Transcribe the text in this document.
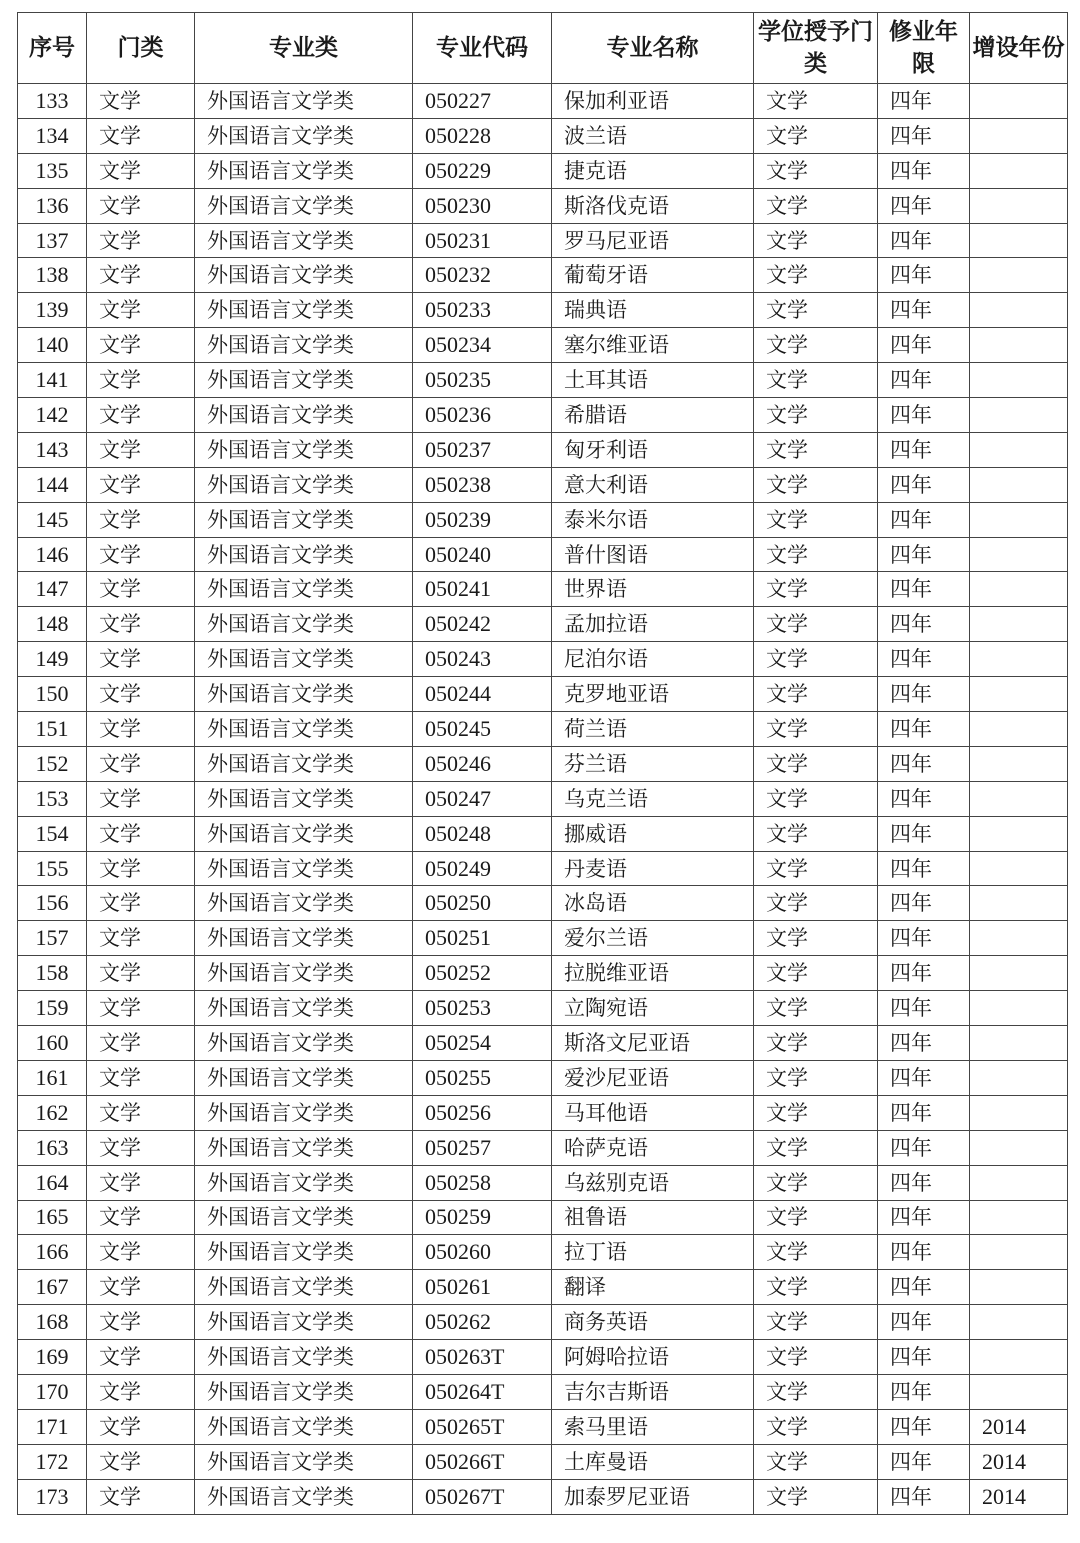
序号	门类	专业类	专业代码	专业名称	学位授予门类	修业年限	增设年份
133	文学	外国语言文学类	050227	保加利亚语	文学	四年	
134	文学	外国语言文学类	050228	波兰语	文学	四年	
135	文学	外国语言文学类	050229	捷克语	文学	四年	
136	文学	外国语言文学类	050230	斯洛伐克语	文学	四年	
137	文学	外国语言文学类	050231	罗马尼亚语	文学	四年	
138	文学	外国语言文学类	050232	葡萄牙语	文学	四年	
139	文学	外国语言文学类	050233	瑞典语	文学	四年	
140	文学	外国语言文学类	050234	塞尔维亚语	文学	四年	
141	文学	外国语言文学类	050235	土耳其语	文学	四年	
142	文学	外国语言文学类	050236	希腊语	文学	四年	
143	文学	外国语言文学类	050237	匈牙利语	文学	四年	
144	文学	外国语言文学类	050238	意大利语	文学	四年	
145	文学	外国语言文学类	050239	泰米尔语	文学	四年	
146	文学	外国语言文学类	050240	普什图语	文学	四年	
147	文学	外国语言文学类	050241	世界语	文学	四年	
148	文学	外国语言文学类	050242	孟加拉语	文学	四年	
149	文学	外国语言文学类	050243	尼泊尔语	文学	四年	
150	文学	外国语言文学类	050244	克罗地亚语	文学	四年	
151	文学	外国语言文学类	050245	荷兰语	文学	四年	
152	文学	外国语言文学类	050246	芬兰语	文学	四年	
153	文学	外国语言文学类	050247	乌克兰语	文学	四年	
154	文学	外国语言文学类	050248	挪威语	文学	四年	
155	文学	外国语言文学类	050249	丹麦语	文学	四年	
156	文学	外国语言文学类	050250	冰岛语	文学	四年	
157	文学	外国语言文学类	050251	爱尔兰语	文学	四年	
158	文学	外国语言文学类	050252	拉脱维亚语	文学	四年	
159	文学	外国语言文学类	050253	立陶宛语	文学	四年	
160	文学	外国语言文学类	050254	斯洛文尼亚语	文学	四年	
161	文学	外国语言文学类	050255	爱沙尼亚语	文学	四年	
162	文学	外国语言文学类	050256	马耳他语	文学	四年	
163	文学	外国语言文学类	050257	哈萨克语	文学	四年	
164	文学	外国语言文学类	050258	乌兹别克语	文学	四年	
165	文学	外国语言文学类	050259	祖鲁语	文学	四年	
166	文学	外国语言文学类	050260	拉丁语	文学	四年	
167	文学	外国语言文学类	050261	翻译	文学	四年	
168	文学	外国语言文学类	050262	商务英语	文学	四年	
169	文学	外国语言文学类	050263T	阿姆哈拉语	文学	四年	
170	文学	外国语言文学类	050264T	吉尔吉斯语	文学	四年	
171	文学	外国语言文学类	050265T	索马里语	文学	四年	2014
172	文学	外国语言文学类	050266T	土库曼语	文学	四年	2014
173	文学	外国语言文学类	050267T	加泰罗尼亚语	文学	四年	2014
